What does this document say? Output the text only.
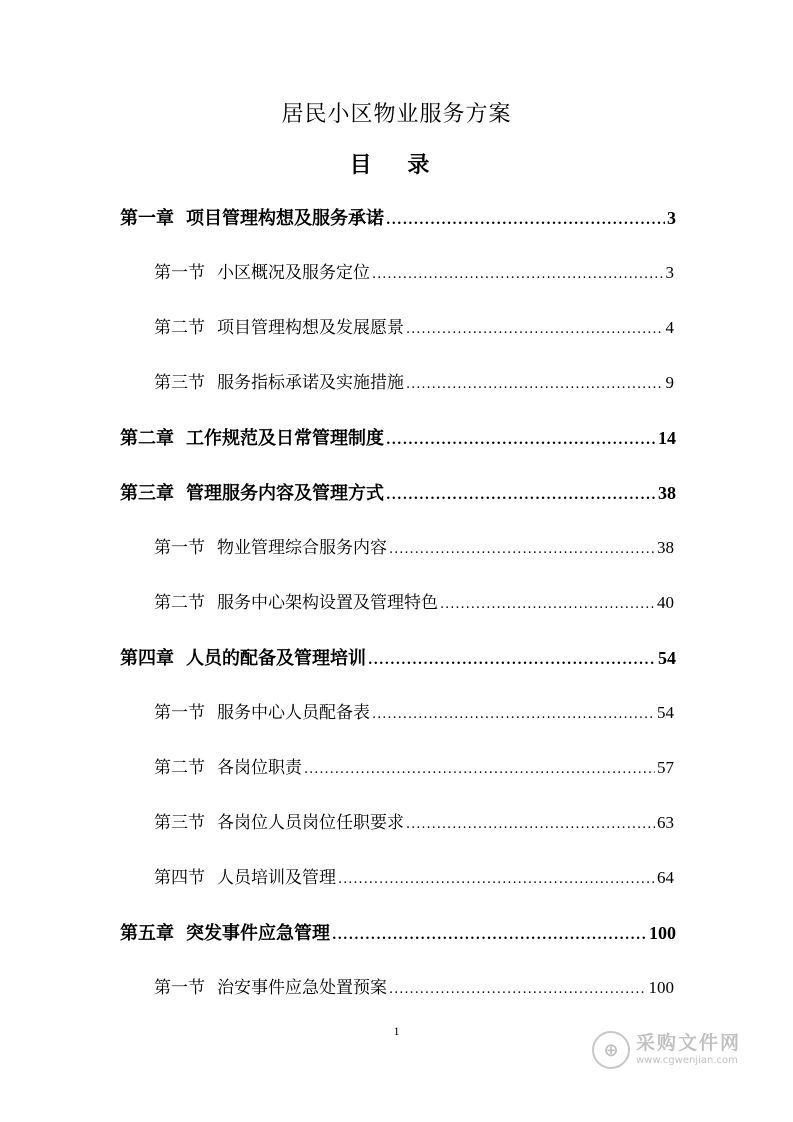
居民小区物业服务方案
目 录
第一章 项目管理构想及服务承诺 .....	3
第一节 小区概况及服务定位 .....	3
第二节 项目管理构想及发展愿景 .....	4
第三节 服务指标承诺及实施措施 .....	9
第二章 工作规范及日常管理制度 .....	14
第三章 管理服务内容及管理方式 .....	38
第一节 物业管理综合服务内容 .....	38
第二节 服务中心架构设置及管理特色 .....	40
第四章 人员的配备及管理培训 .....	54
第一节 服务中心人员配备表 .....	54
第二节 各岗位职责 .....	57
第三节 各岗位人员岗位任职要求 .....	63
第四节 人员培训及管理 .....	64
第五章 突发事件应急管理 .....	100
第一节 治安事件应急处置预案 .....	100
1
⊕ 采购文件网
www.cgwenjian.com
